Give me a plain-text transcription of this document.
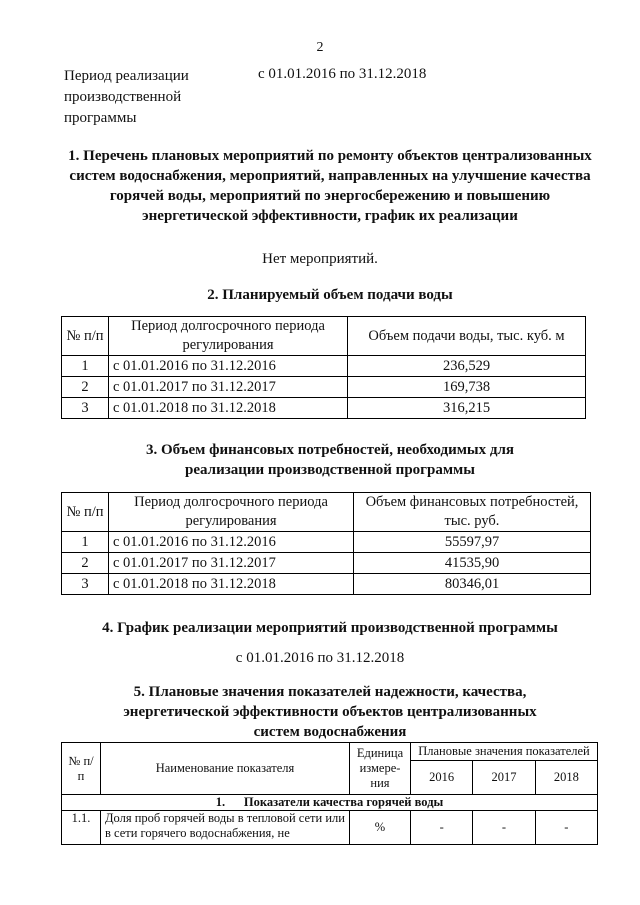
2
Период реализации производственной программы
с 01.01.2016 по 31.12.2018
1. Перечень плановых мероприятий по ремонту объектов централизованных систем водоснабжения, мероприятий, направленных на улучшение качества горячей воды, мероприятий по энергосбережению и повышению энергетической эффективности, график их реализации
Нет мероприятий.
2. Планируемый объем подачи воды
№ п/п	Период долгосрочного периода регулирования	Объем подачи воды, тыс. куб. м
1	с 01.01.2016 по 31.12.2016	236,529
2	с 01.01.2017 по 31.12.2017	169,738
3	с 01.01.2018 по 31.12.2018	316,215
3. Объем финансовых потребностей, необходимых для реализации производственной программы
№ п/п	Период долгосрочного периода регулирования	Объем финансовых потребностей, тыс. руб.
1	с 01.01.2016 по 31.12.2016	55597,97
2	с 01.01.2017 по 31.12.2017	41535,90
3	с 01.01.2018 по 31.12.2018	80346,01
4. График реализации мероприятий производственной программы
с 01.01.2016 по 31.12.2018
5. Плановые значения показателей надежности, качества, энергетической эффективности объектов централизованных систем водоснабжения
№ п/п	Наименование показателя	Единица измере-ния	Плановые значения показателей		
			2016	2017	2018
1.      Показатели качества горячей воды					
1.1.	Доля проб горячей воды в тепловой сети или в сети горячего водоснабжения, не	%	-	-	-
